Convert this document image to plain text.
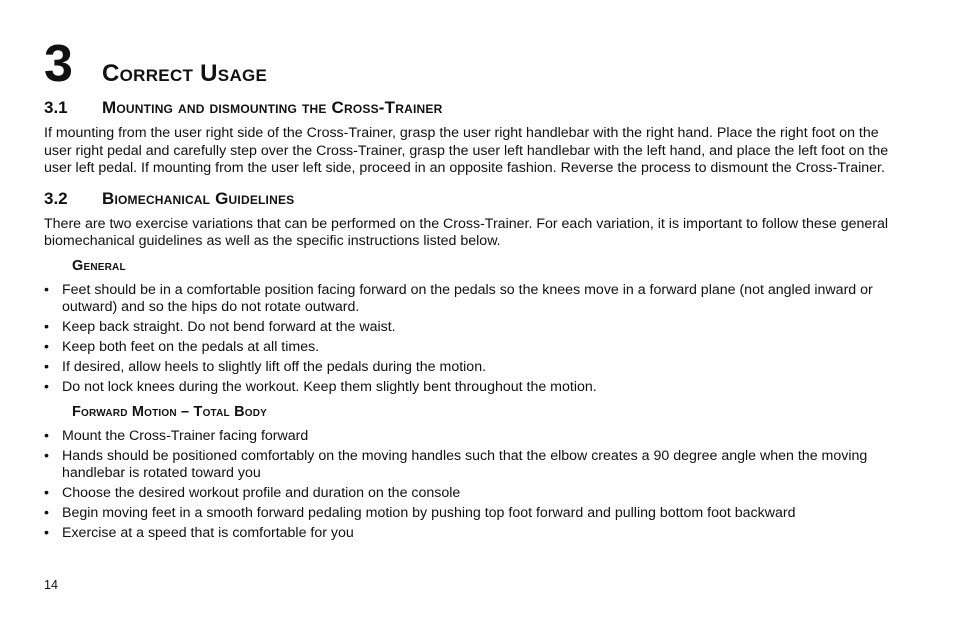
3	Correct Usage
3.1	Mounting and dismounting the Cross-Trainer

If mounting from the user right side of the Cross-Trainer, grasp the user right handlebar with the right hand. Place the right foot on the user right pedal and carefully step over the Cross-Trainer, grasp the user left handlebar with the left hand, and place the left foot on the user left pedal. If mounting from the user left side, proceed in an opposite fashion. Reverse the process to dismount the Cross-Trainer.

3.2	Biomechanical Guidelines

There are two exercise variations that can be performed on the Cross-Trainer. For each variation, it is important to follow these general biomechanical guidelines as well as the specific instructions listed below.

General
• Feet should be in a comfortable position facing forward on the pedals so the knees move in a forward plane (not angled inward or outward) and so the hips do not rotate outward.
• Keep back straight. Do not bend forward at the waist.
• Keep both feet on the pedals at all times.
• If desired, allow heels to slightly lift off the pedals during the motion.
• Do not lock knees during the workout. Keep them slightly bent throughout the motion.
Forward Motion – Total Body
• Mount the Cross-Trainer facing forward
• Hands should be positioned comfortably on the moving handles such that the elbow creates a 90 degree angle when the moving handlebar is rotated toward you
• Choose the desired workout profile and duration on the console
• Begin moving feet in a smooth forward pedaling motion by pushing top foot forward and pulling bottom foot backward
• Exercise at a speed that is comfortable for you
14
